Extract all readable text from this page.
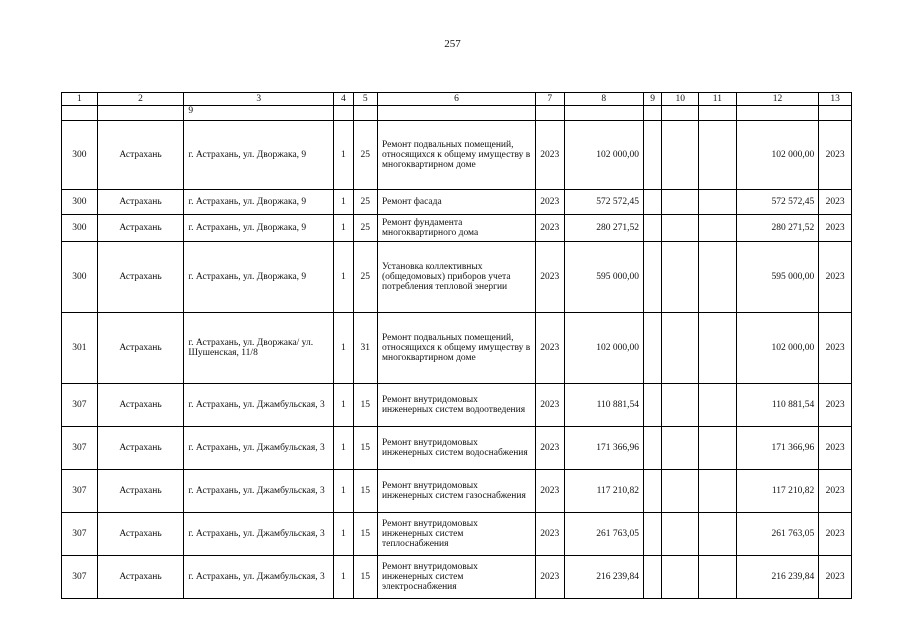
257
1	2	3	4	5	6	7	8	9	10	11	12	13
		9										
300	Астрахань	г. Астрахань, ул. Дворжака, 9	1	25	Ремонт подвальных помещений, относящихся к общему имуществу в многоквартирном доме	2023	102 000,00				102 000,00	2023
300	Астрахань	г. Астрахань, ул. Дворжака, 9	1	25	Ремонт фасада	2023	572 572,45				572 572,45	2023
300	Астрахань	г. Астрахань, ул. Дворжака, 9	1	25	Ремонт фундамента многоквартирного дома	2023	280 271,52				280 271,52	2023
300	Астрахань	г. Астрахань, ул. Дворжака, 9	1	25	Установка коллективных (общедомовых) приборов учета потребления тепловой энергии	2023	595 000,00				595 000,00	2023
301	Астрахань	г. Астрахань, ул. Дворжака/ ул. Шушенская, 11/8	1	31	Ремонт подвальных помещений, относящихся к общему имуществу в многоквартирном доме	2023	102 000,00				102 000,00	2023
307	Астрахань	г. Астрахань, ул. Джамбульская, 3	1	15	Ремонт внутридомовых инженерных систем водоотведения	2023	110 881,54				110 881,54	2023
307	Астрахань	г. Астрахань, ул. Джамбульская, 3	1	15	Ремонт внутридомовых инженерных систем водоснабжения	2023	171 366,96				171 366,96	2023
307	Астрахань	г. Астрахань, ул. Джамбульская, 3	1	15	Ремонт внутридомовых инженерных систем газоснабжения	2023	117 210,82				117 210,82	2023
307	Астрахань	г. Астрахань, ул. Джамбульская, 3	1	15	Ремонт внутридомовых инженерных систем теплоснабжения	2023	261 763,05				261 763,05	2023
307	Астрахань	г. Астрахань, ул. Джамбульская, 3	1	15	Ремонт внутридомовых инженерных систем электроснабжения	2023	216 239,84				216 239,84	2023
